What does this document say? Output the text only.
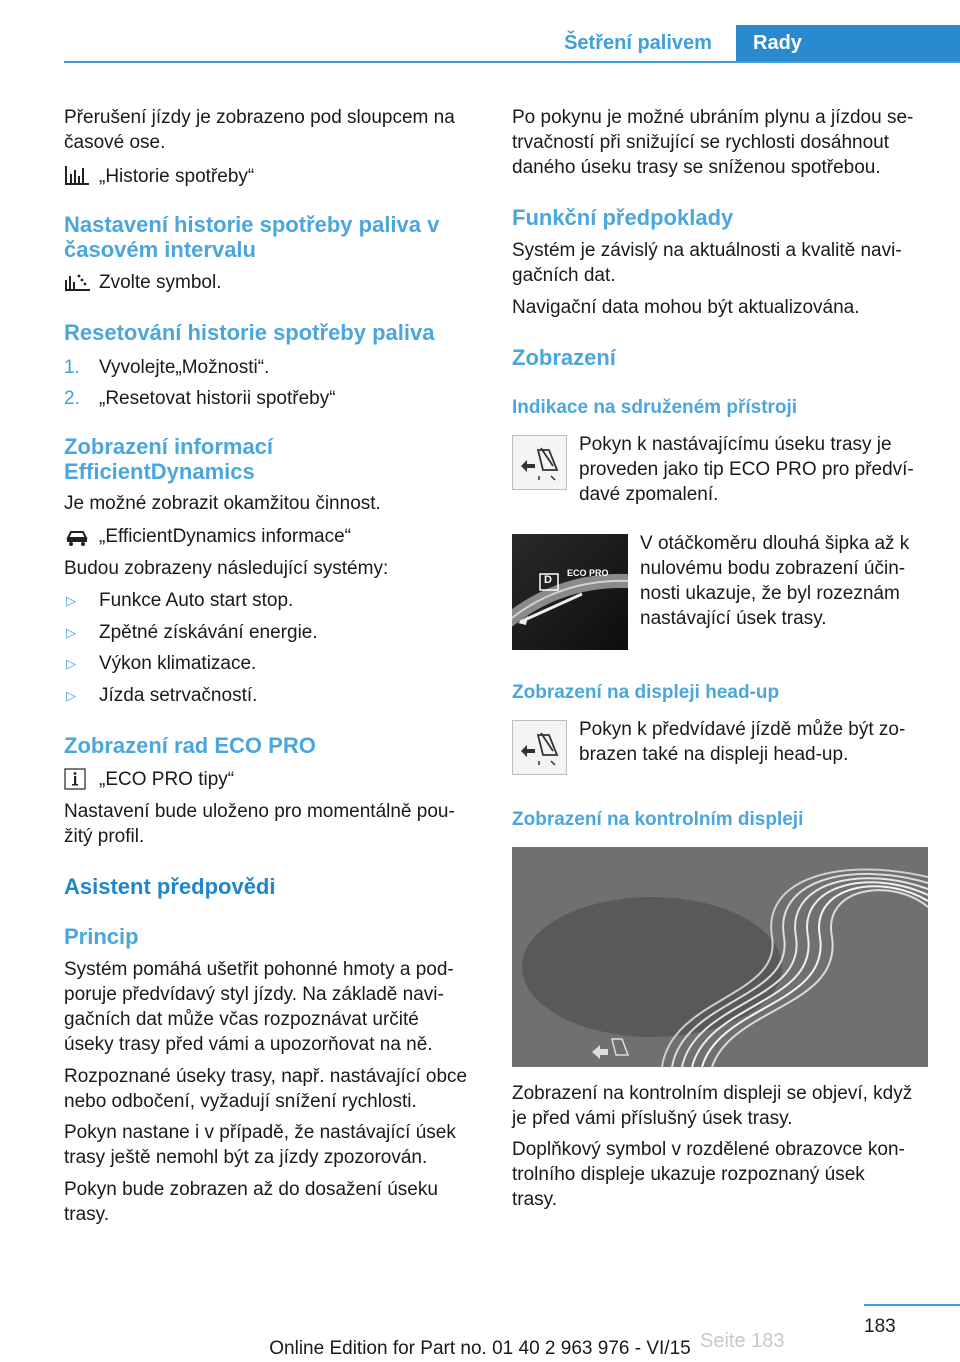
Šetření palivem	Rady
Přerušení jízdy je zobrazeno pod sloupcem na
časové ose.
„Historie spotřeby“
Nastavení historie spotřeby paliva v
časovém intervalu
Zvolte symbol.
Resetování historie spotřeby paliva
1. Vyvolejte„Možnosti“.
2. „Resetovat historii spotřeby“
Zobrazení informací
EfficientDynamics
Je možné zobrazit okamžitou činnost.
„EfficientDynamics informace“
Budou zobrazeny následující systémy:
▷ Funkce Auto start stop.
▷ Zpětné získávání energie.
▷ Výkon klimatizace.
▷ Jízda setrvačností.
Zobrazení rad ECO PRO
„ECO PRO tipy“
Nastavení bude uloženo pro momentálně pou‐
žitý profil.
Asistent předpovědi
Princip
Systém pomáhá ušetřit pohonné hmoty a pod‐
poruje předvídavý styl jízdy. Na základě navi‐
gačních dat může včas rozpoznávat určité
úseky trasy před vámi a upozorňovat na ně.
Rozpoznané úseky trasy, např. nastávající obce
nebo odbočení, vyžadují snížení rychlosti.
Pokyn nastane i v případě, že nastávající úsek
trasy ještě nemohl být za jízdy zpozorován.
Pokyn bude zobrazen až do dosažení úseku
trasy.
Po pokynu je možné ubráním plynu a jízdou se‐
trvačností při snižující se rychlosti dosáhnout
daného úseku trasy se sníženou spotřebou.
Funkční předpoklady
Systém je závislý na aktuálnosti a kvalitě navi‐
gačních dat.
Navigační data mohou být aktualizována.
Zobrazení
Indikace na sdruženém přístroji
Pokyn k nastávajícímu úseku trasy je
proveden jako tip ECO PRO pro předví‐
davé zpomalení.
D
ECO PRO
V otáčkoměru dlouhá šipka až k
nulovému bodu zobrazení účin‐
nosti ukazuje, že byl rozeznám
nastávající úsek trasy.
Zobrazení na displeji head-up
Pokyn k předvídavé jízdě může být zo‐
brazen také na displeji head-up.
Zobrazení na kontrolním displeji
Zobrazení na kontrolním displeji se objeví, když
je před vámi příslušný úsek trasy.
Doplňkový symbol v rozdělené obrazovce kon‐
trolního displeje ukazuje rozpoznaný úsek
trasy.
183
Online Edition for Part no. 01 40 2 963 976 - VI/15 Seite 183
